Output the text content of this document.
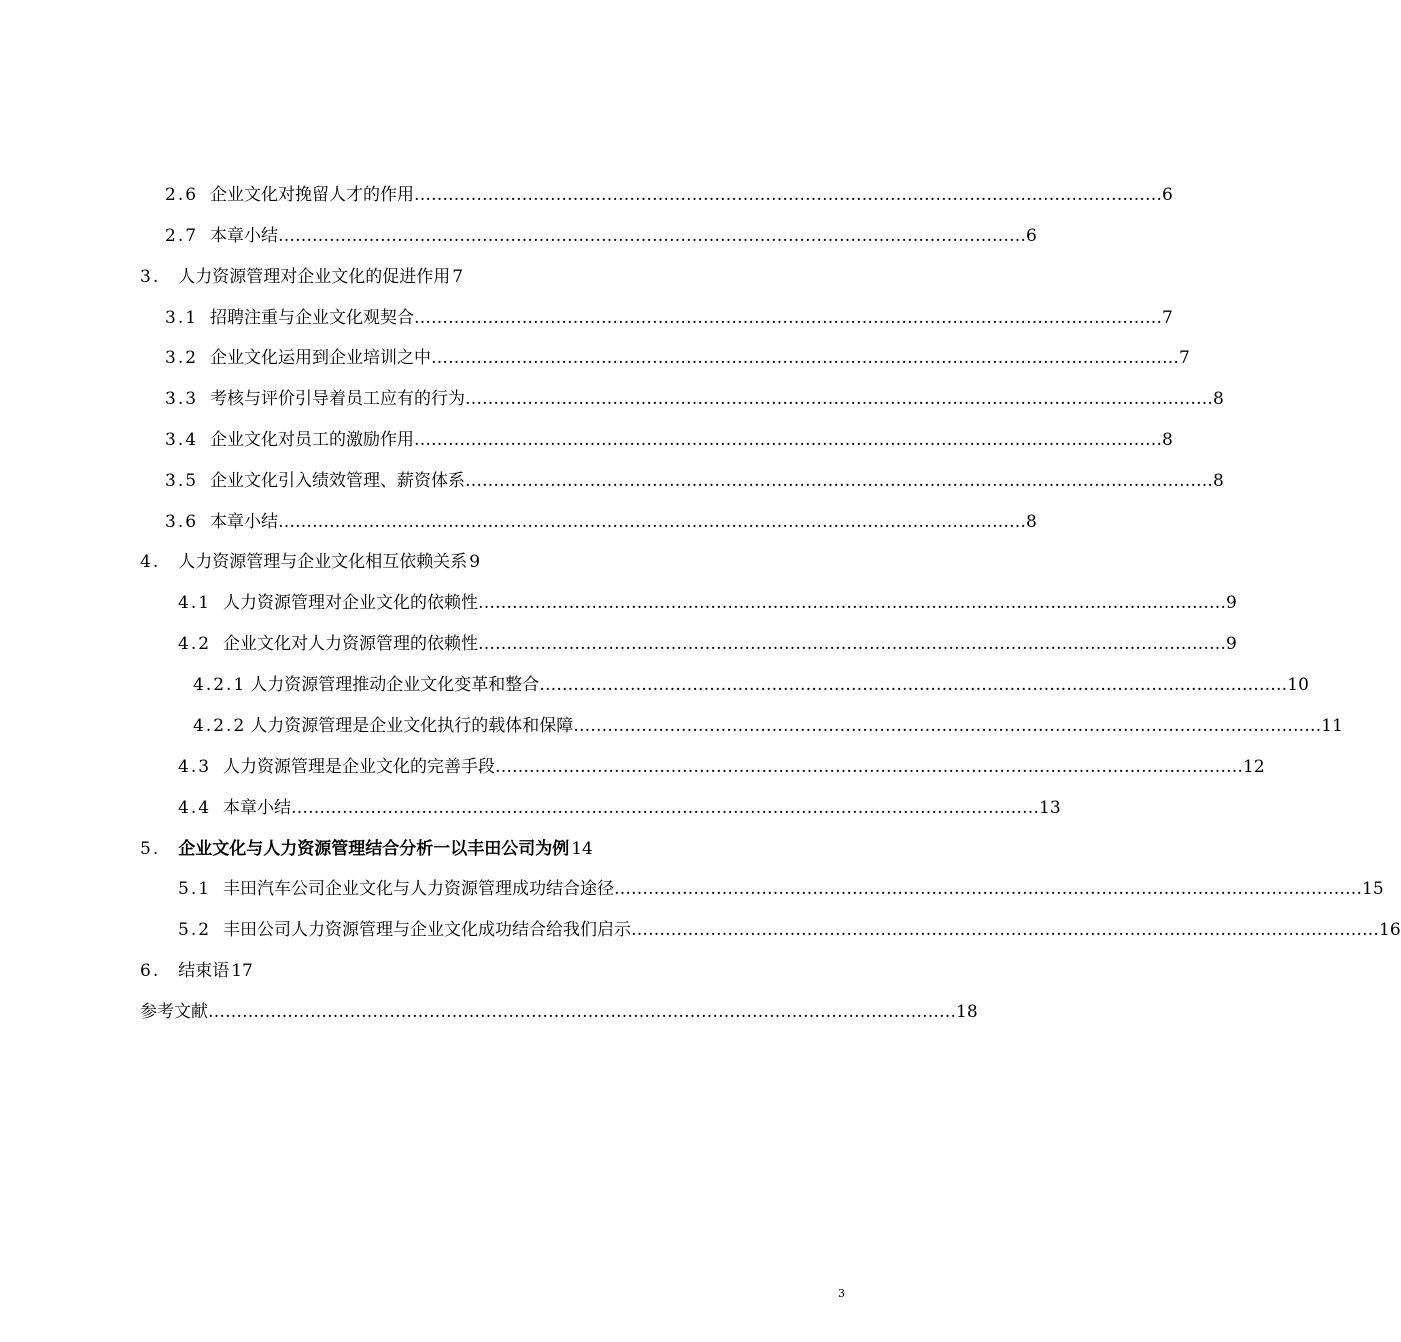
2.6 企业文化对挽留人才的作用 …………………………………………………………………………………………………………………… 6
2.7 本章小结 …………………………………………………………………………………………………………………… 6
3. 人力资源管理对企业文化的促进作用 7
3.1 招聘注重与企业文化观契合 …………………………………………………………………………………………………………………… 7
3.2 企业文化运用到企业培训之中 …………………………………………………………………………………………………………………… 7
3.3 考核与评价引导着员工应有的行为 …………………………………………………………………………………………………………………… 8
3.4 企业文化对员工的激励作用 …………………………………………………………………………………………………………………… 8
3.5 企业文化引入绩效管理、薪资体系 …………………………………………………………………………………………………………………… 8
3.6 本章小结 …………………………………………………………………………………………………………………… 8
4. 人力资源管理与企业文化相互依赖关系 9
4.1 人力资源管理对企业文化的依赖性 …………………………………………………………………………………………………………………… 9
4.2 企业文化对人力资源管理的依赖性 …………………………………………………………………………………………………………………… 9
4.2.1 人力资源管理推动企业文化变革和整合 …………………………………………………………………………………………………………………… 10
4.2.2 人力资源管理是企业文化执行的载体和保障 …………………………………………………………………………………………………………………… 11
4.3 人力资源管理是企业文化的完善手段 …………………………………………………………………………………………………………………… 12
4.4 本章小结 …………………………………………………………………………………………………………………… 13
5. 企业文化与人力资源管理结合分析一以丰田公司为例 14
5.1 丰田汽车公司企业文化与人力资源管理成功结合途径 …………………………………………………………………………………………………………………… 15
5.2 丰田公司人力资源管理与企业文化成功结合给我们启示 …………………………………………………………………………………………………………………… 16
6. 结束语 17
参考文献 …………………………………………………………………………………………………………………… 18
3
